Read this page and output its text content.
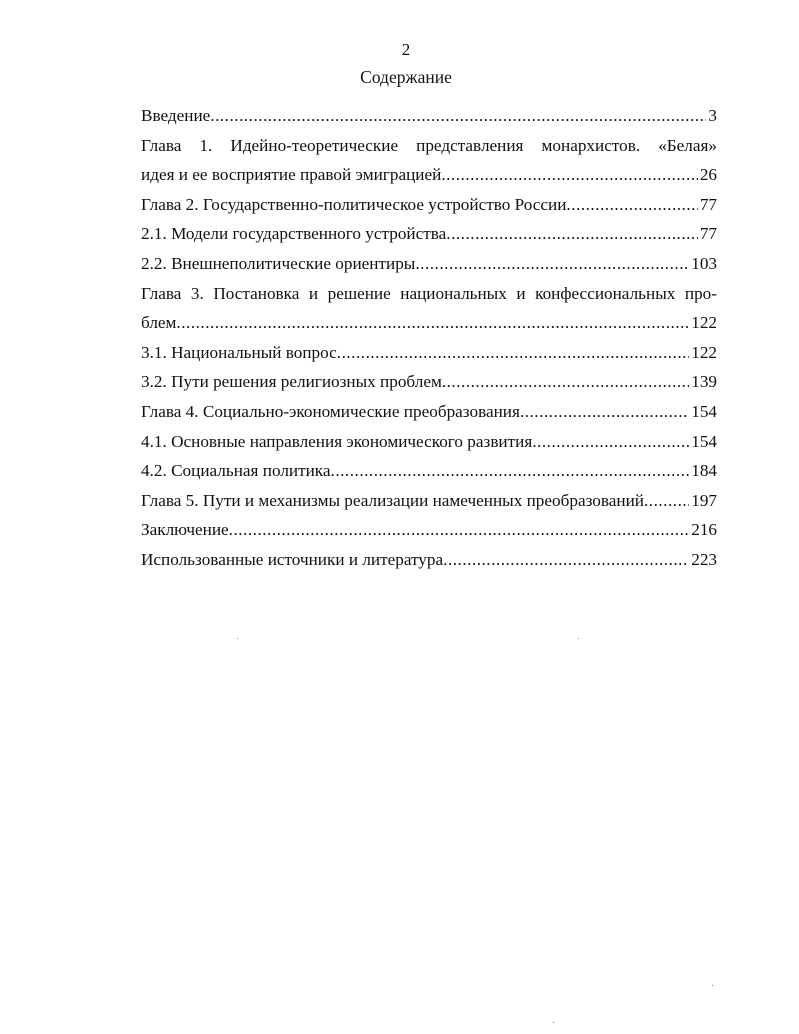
2
Содержание
Введение .....	3
Глава 1. Идейно-теоретические представления монархистов. «Белая»
идея и ее восприятие правой эмиграцией .....	26
Глава 2. Государственно-политическое устройство России .....	77
2.1. Модели государственного устройства .....	77
2.2. Внешнеполитические ориентиры .....	103
Глава 3. Постановка и решение национальных и конфессиональных про-
блем .....	122
3.1. Национальный вопрос .....	122
3.2. Пути решения религиозных проблем .....	139
Глава 4. Социально-экономические преобразования .....	154
4.1. Основные направления экономического развития .....	154
4.2. Социальная политика .....	184
Глава 5. Пути и механизмы реализации намеченных преобразований .....	197
Заключение .....	216
Использованные источники и литература .....	223
